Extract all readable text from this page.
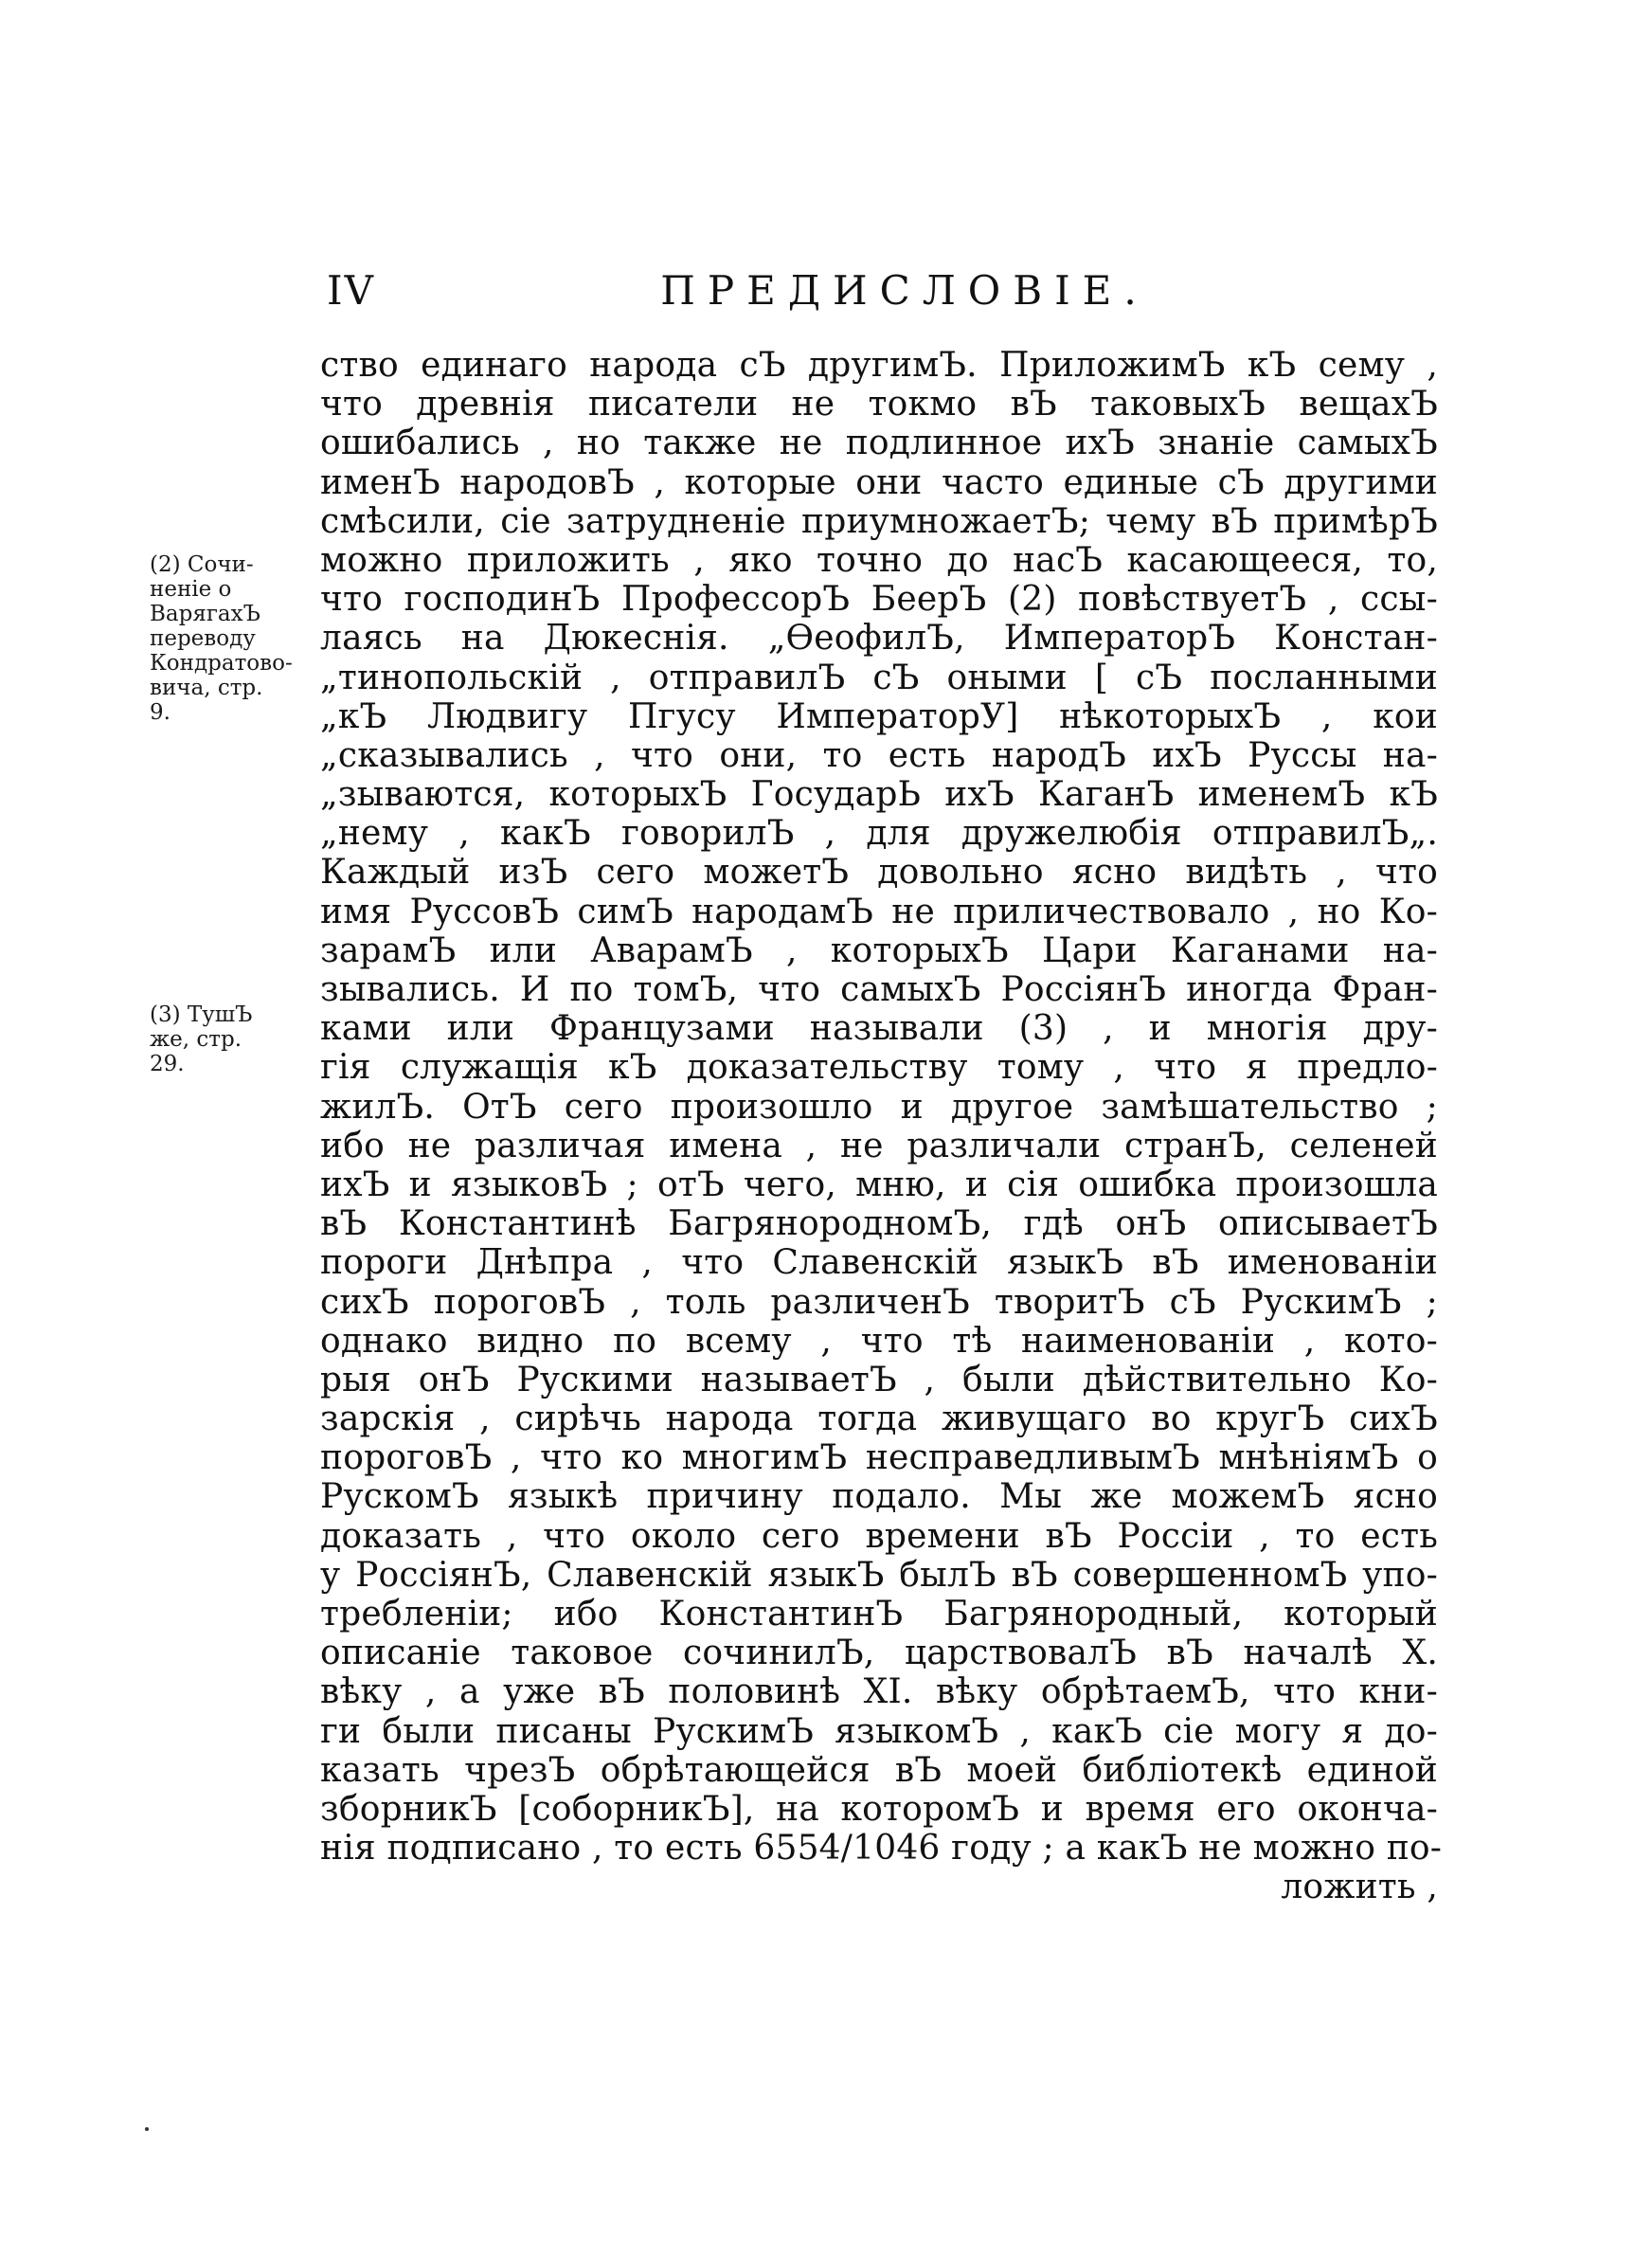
IV	ПРЕДИСЛОВІЕ.
(2) Сочи-
неніе о
ВарягахЪ
переводу
Кондратово-
вича, стр.
9.
(3) ТушЪ
же, стр.
29.
ство единаго народа сЪ другимЪ. ПриложимЪ кЪ сему ,
что древнія писатели не токмо вЪ таковыхЪ вещахЪ
ошибались , но также не подлинное ихЪ знаніе самыхЪ
именЪ народовЪ , которые они часто единые сЪ другими
смѣсили, сіе затрудненіе приумножаетЪ; чему вЪ примѣрЪ
можно приложить , яко точно до насЪ касающееся, то,
что господинЪ ПрофессорЪ БеерЪ (2) повѣствуетЪ , ссы-
лаясь на Дюкеснія. „ѲеофилЪ, ИмператорЪ Констан-
„тинопольскій , отправилЪ сЪ оными [ сЪ посланными
„кЪ Людвигу Пгусу ИмператорУ] нѣкоторыхЪ , кои
„сказывались , что они, то есть народЪ ихЪ Руссы на-
„зываются, которыхЪ ГосударЬ ихЪ КаганЪ именемЪ кЪ
„нему , какЪ говорилЪ , для дружелюбія отправилЪ„.
Каждый изЪ сего можетЪ довольно ясно видѣть , что
имя РуссовЪ симЪ народамЪ не приличествовало , но Ко-
зарамЪ или АварамЪ , которыхЪ Цари Каганами на-
зывались. И по томЪ, что самыхЪ РоссіянЪ иногда Фран-
ками или Французами называли (3) , и многія дру-
гія служащія кЪ доказательству тому , что я предло-
жилЪ. ОтЪ сего произошло и другое замѣшательство ;
ибо не различая имена , не различали странЪ, селеней
ихЪ и языковЪ ; отЪ чего, мню, и сія ошибка произошла
вЪ Константинѣ БагрянородномЪ, гдѣ онЪ описываетЪ
пороги Днѣпра , что Славенскій языкЪ вЪ именованіи
сихЪ пороговЪ , толь различенЪ творитЪ сЪ РускимЪ ;
однако видно по всему , что тѣ наименованіи , кото-
рыя онЪ Рускими называетЪ , были дѣйствительно Ко-
зарскія , сирѣчь народа тогда живущаго во кругЪ сихЪ
пороговЪ , что ко многимЪ несправедливымЪ мнѣніямЪ о
РускомЪ языкѣ причину подало. Мы же можемЪ ясно
доказать , что около сего времени вЪ Россіи , то есть
у РоссіянЪ, Славенскій языкЪ былЪ вЪ совершенномЪ упо-
требленіи; ибо КонстантинЪ Багрянородный, который
описаніе таковое сочинилЪ, царствовалЪ вЪ началѣ X.
вѣку , а уже вЪ половинѣ XI. вѣку обрѣтаемЪ, что кни-
ги были писаны РускимЪ языкомЪ , какЪ сіе могу я до-
казать чрезЪ обрѣтающейся вЪ моей библіотекѣ единой
зборникЪ [соборникЪ], на которомЪ и время его оконча-
нія подписано , то есть 6554/1046 году ; а какЪ не можно по-
ложить ,
